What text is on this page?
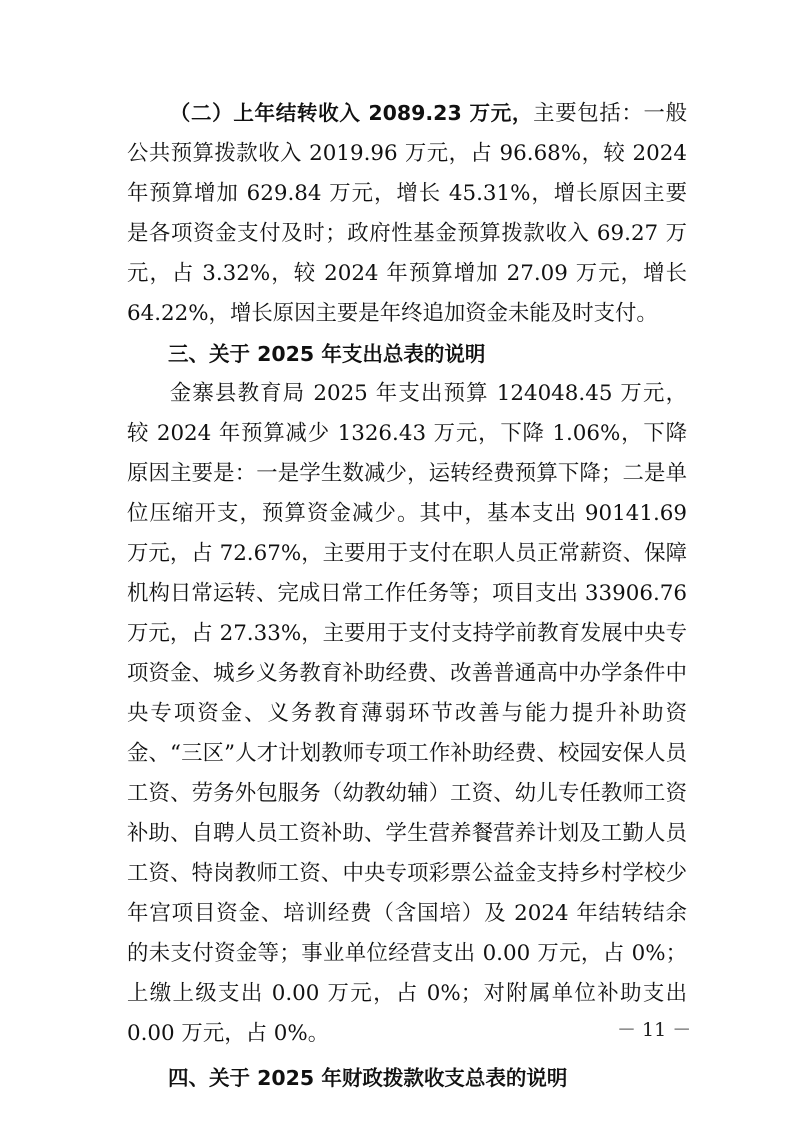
（二）上年结转收入 2089.23 万元，主要包括：一般公共预算拨款收入 2019.96 万元，占 96.68%，较 2024 年预算增加 629.84 万元，增长 45.31%，增长原因主要是各项资金支付及时；政府性基金预算拨款收入 69.27 万元，占 3.32%，较 2024 年预算增加 27.09 万元，增长 64.22%，增长原因主要是年终追加资金未能及时支付。

三、关于 2025 年支出总表的说明

金寨县教育局 2025 年支出预算 124048.45 万元，较 2024 年预算减少 1326.43 万元，下降 1.06%，下降原因主要是：一是学生数减少，运转经费预算下降；二是单位压缩开支，预算资金减少。其中，基本支出 90141.69 万元，占 72.67%，主要用于支付在职人员正常薪资、保障机构日常运转、完成日常工作任务等；项目支出 33906.76 万元，占 27.33%，主要用于支付支持学前教育发展中央专项资金、城乡义务教育补助经费、改善普通高中办学条件中央专项资金、义务教育薄弱环节改善与能力提升补助资金、“三区”人才计划教师专项工作补助经费、校园安保人员工资、劳务外包服务（幼教幼辅）工资、幼儿专任教师工资补助、自聘人员工资补助、学生营养餐营养计划及工勤人员工资、特岗教师工资、中央专项彩票公益金支持乡村学校少年宫项目资金、培训经费（含国培）及 2024 年结转结余的未支付资金等；事业单位经营支出 0.00 万元，占 0%；上缴上级支出 0.00 万元，占 0%；对附属单位补助支出 0.00 万元，占 0%。

四、关于 2025 年财政拨款收支总表的说明

－ 11 －
